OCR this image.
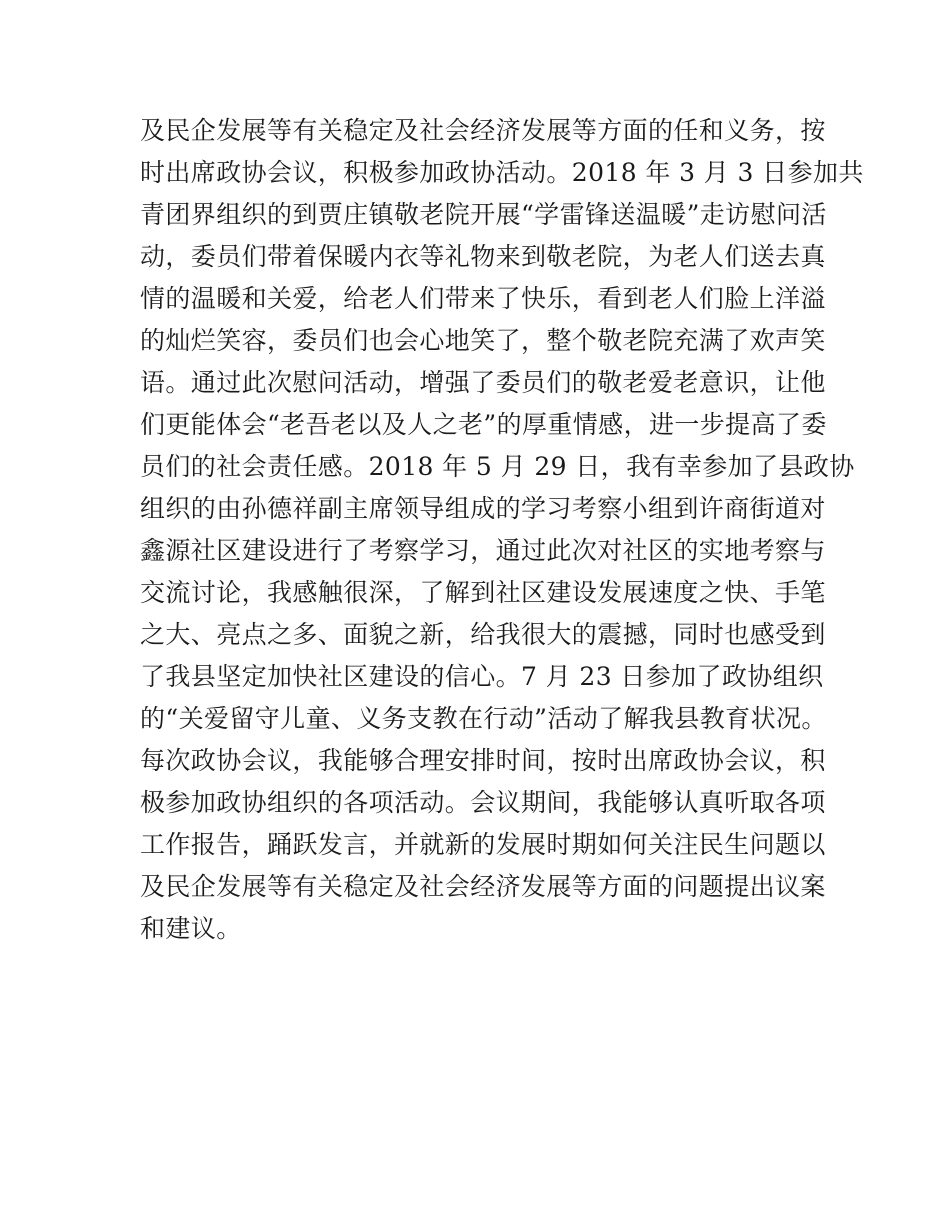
及民企发展等有关稳定及社会经济发展等方面的任和义务，按
时出席政协会议，积极参加政协活动。2018 年 3 月 3 日参加共
青团界组织的到贾庄镇敬老院开展“学雷锋送温暖”走访慰问活
动，委员们带着保暖内衣等礼物来到敬老院，为老人们送去真
情的温暖和关爱，给老人们带来了快乐，看到老人们脸上洋溢
的灿烂笑容，委员们也会心地笑了，整个敬老院充满了欢声笑
语。通过此次慰问活动，增强了委员们的敬老爱老意识，让他
们更能体会“老吾老以及人之老”的厚重情感，进一步提高了委
员们的社会责任感。2018 年 5 月 29 日，我有幸参加了县政协
组织的由孙德祥副主席领导组成的学习考察小组到许商街道对
鑫源社区建设进行了考察学习，通过此次对社区的实地考察与
交流讨论，我感触很深，了解到社区建设发展速度之快、手笔
之大、亮点之多、面貌之新，给我很大的震撼，同时也感受到
了我县坚定加快社区建设的信心。7 月 23 日参加了政协组织
的“关爱留守儿童、义务支教在行动”活动了解我县教育状况。
每次政协会议，我能够合理安排时间，按时出席政协会议，积
极参加政协组织的各项活动。会议期间，我能够认真听取各项
工作报告，踊跃发言，并就新的发展时期如何关注民生问题以
及民企发展等有关稳定及社会经济发展等方面的问题提出议案
和建议。
